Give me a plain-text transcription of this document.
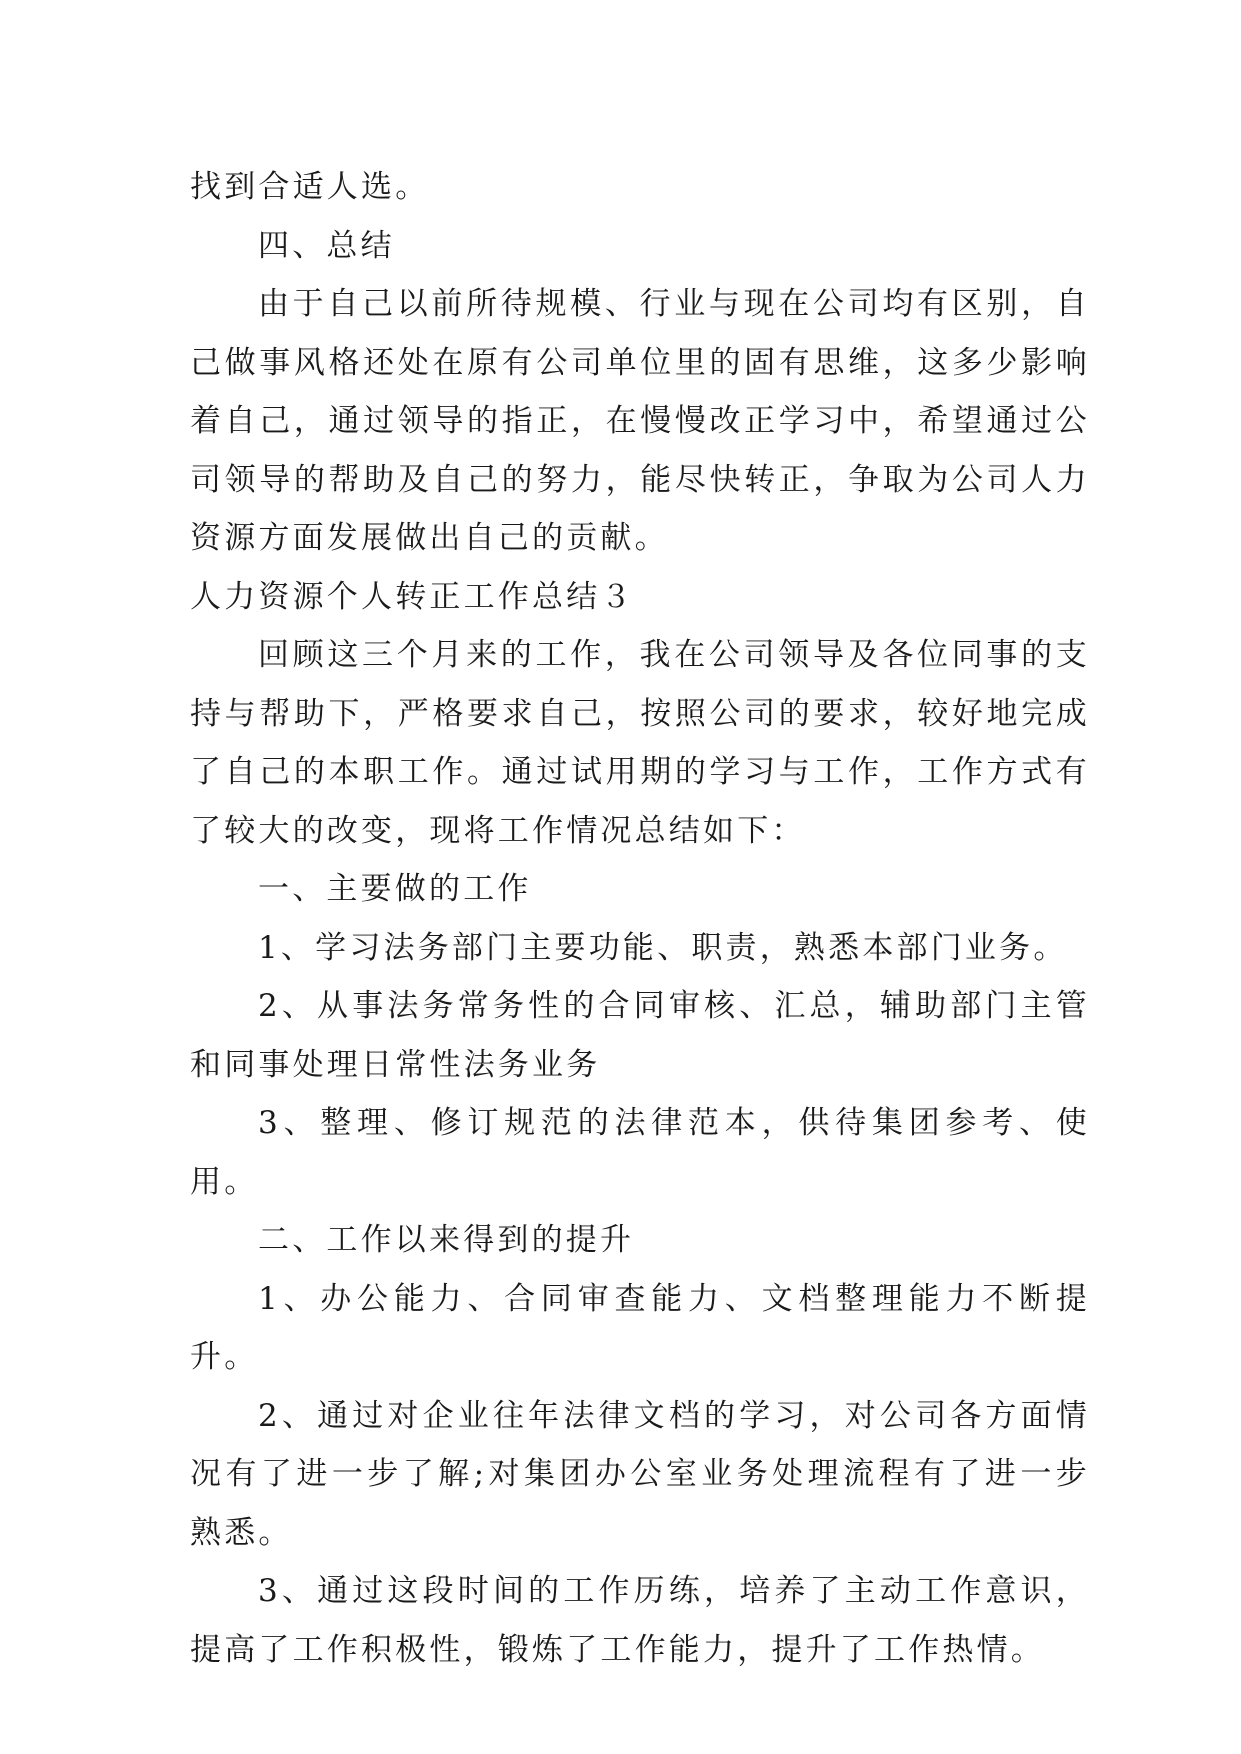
找到合适人选。

四、总结

由于自己以前所待规模、行业与现在公司均有区别，自己做事风格还处在原有公司单位里的固有思维，这多少影响着自己，通过领导的指正，在慢慢改正学习中，希望通过公司领导的帮助及自己的努力，能尽快转正，争取为公司人力资源方面发展做出自己的贡献。

人力资源个人转正工作总结３

回顾这三个月来的工作，我在公司领导及各位同事的支持与帮助下，严格要求自己，按照公司的要求，较好地完成了自己的本职工作。通过试用期的学习与工作，工作方式有了较大的改变，现将工作情况总结如下：

一、主要做的工作

1、学习法务部门主要功能、职责，熟悉本部门业务。

2、从事法务常务性的合同审核、汇总，辅助部门主管和同事处理日常性法务业务

3、整理、修订规范的法律范本，供待集团参考、使用。

二、工作以来得到的提升

1、办公能力、合同审查能力、文档整理能力不断提升。

2、通过对企业往年法律文档的学习，对公司各方面情况有了进一步了解;对集团办公室业务处理流程有了进一步熟悉。

3、通过这段时间的工作历练，培养了主动工作意识，提高了工作积极性，锻炼了工作能力，提升了工作热情。
